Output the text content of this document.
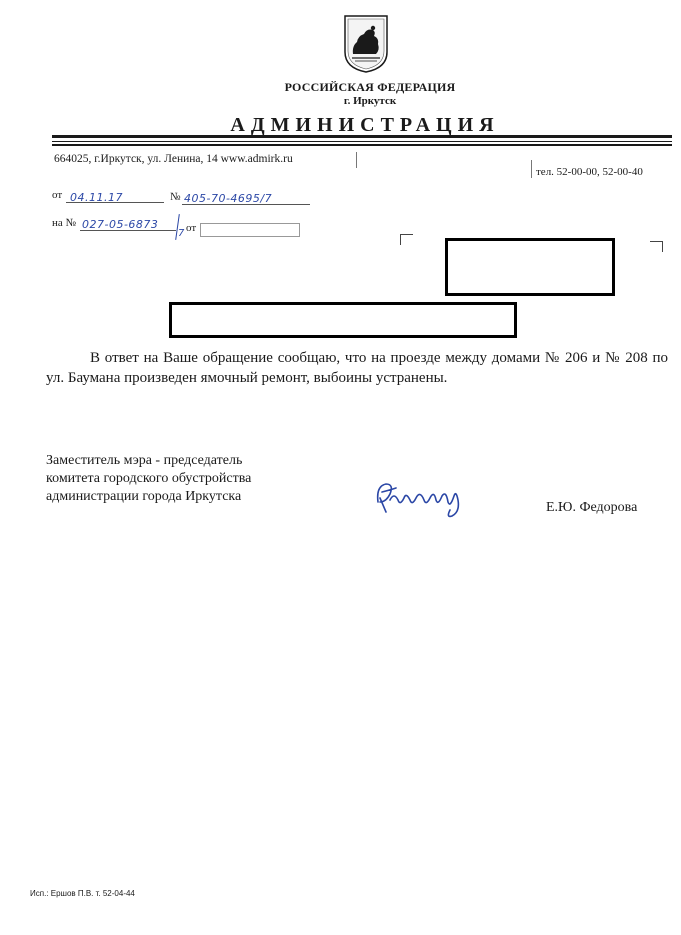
РОССИЙСКАЯ ФЕДЕРАЦИЯ
г. Иркутск
АДМИНИСТРАЦИЯ
664025, г.Иркутск, ул. Ленина, 14 www.admirk.ru
тел. 52-00-00, 52-00-40
от 04.11.17	№ 405-70-4695/7
на № 027-05-6873
7 от
В ответ на Ваше обращение сообщаю, что на проезде между домами № 206 и № 208 по ул. Баумана произведен ямочный ремонт, выбоины устранены.
Заместитель мэра - председатель
комитета городского обустройства
администрации города Иркутска
Е.Ю. Федорова
Исп.: Ершов П.В. т. 52-04-44
